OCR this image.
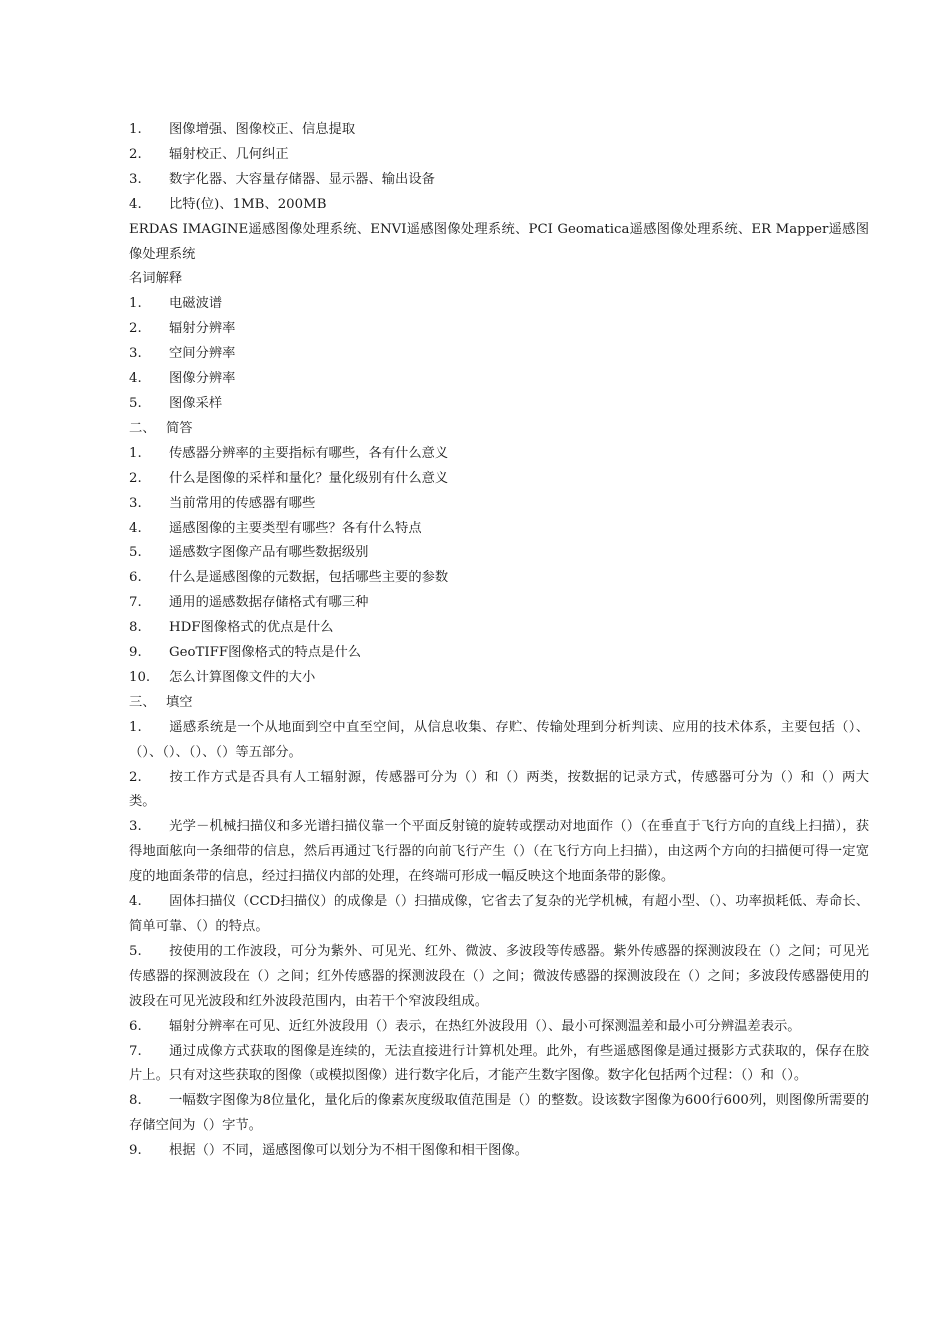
1. 图像增强、图像校正、信息提取
2. 辐射校正、几何纠正
3. 数字化器、大容量存储器、显示器、输出设备
4. 比特(位)、1MB、200MB
ERDAS IMAGINE遥感图像处理系统、ENVI遥感图像处理系统、PCI Geomatica遥感图像处理系统、ER Mapper遥感图像处理系统
名词解释
1. 电磁波谱
2. 辐射分辨率
3. 空间分辨率
4. 图像分辨率
5. 图像采样
二、 简答
1. 传感器分辨率的主要指标有哪些，各有什么意义
2. 什么是图像的采样和量化？量化级别有什么意义
3. 当前常用的传感器有哪些
4. 遥感图像的主要类型有哪些？各有什么特点
5. 遥感数字图像产品有哪些数据级别
6. 什么是遥感图像的元数据，包括哪些主要的参数
7. 通用的遥感数据存储格式有哪三种
8. HDF图像格式的优点是什么
9. GeoTIFF图像格式的特点是什么
10. 怎么计算图像文件的大小
三、 填空
1. 遥感系统是一个从地面到空中直至空间，从信息收集、存贮、传输处理到分析判读、应用的技术体系，主要包括（）、（）、（）、（）、（）等五部分。
2. 按工作方式是否具有人工辐射源，传感器可分为（）和（）两类，按数据的记录方式，传感器可分为（）和（）两大类。
3. 光学－机械扫描仪和多光谱扫描仪靠一个平面反射镜的旋转或摆动对地面作（）（在垂直于飞行方向的直线上扫描），获得地面舷向一条细带的信息，然后再通过飞行器的向前飞行产生（）（在飞行方向上扫描），由这两个方向的扫描便可得一定宽度的地面条带的信息，经过扫描仪内部的处理，在终端可形成一幅反映这个地面条带的影像。
4. 固体扫描仪（CCD扫描仪）的成像是（）扫描成像，它省去了复杂的光学机械，有超小型、（）、功率损耗低、寿命长、简单可靠、（）的特点。
5. 按使用的工作波段，可分为紫外、可见光、红外、微波、多波段等传感器。紫外传感器的探测波段在（）之间；可见光传感器的探测波段在（）之间；红外传感器的探测波段在（）之间；微波传感器的探测波段在（）之间；多波段传感器使用的波段在可见光波段和红外波段范围内，由若干个窄波段组成。
6. 辐射分辨率在可见、近红外波段用（）表示，在热红外波段用（）、最小可探测温差和最小可分辨温差表示。
7. 通过成像方式获取的图像是连续的，无法直接进行计算机处理。此外，有些遥感图像是通过摄影方式获取的，保存在胶片上。只有对这些获取的图像（或模拟图像）进行数字化后，才能产生数字图像。数字化包括两个过程：（）和（）。
8. 一幅数字图像为8位量化，量化后的像素灰度级取值范围是（）的整数。设该数字图像为600行600列，则图像所需要的存储空间为（）字节。
9. 根据（）不同，遥感图像可以划分为不相干图像和相干图像。
